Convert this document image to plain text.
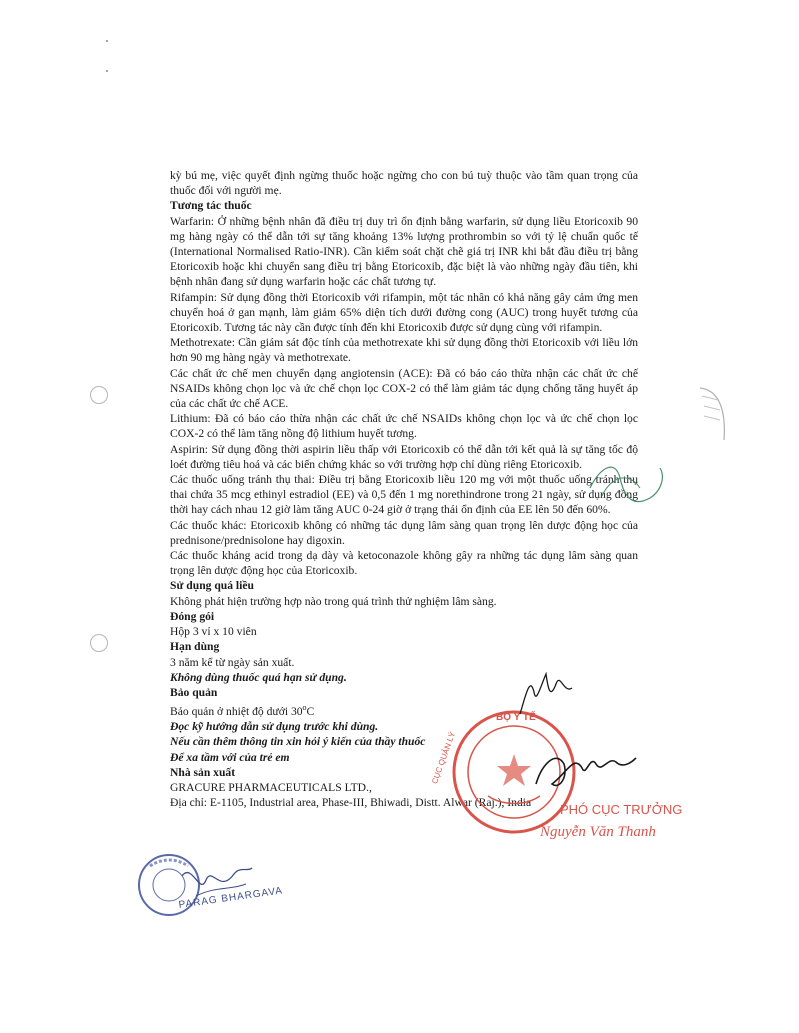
kỳ bú mẹ, việc quyết định ngừng thuốc hoặc ngừng cho con bú tuỳ thuộc vào tầm quan trọng của thuốc đối với người mẹ.

Tương tác thuốc

Warfarin: Ở những bệnh nhân đã điều trị duy trì ổn định bằng warfarin, sử dụng liều Etoricoxib 90 mg hàng ngày có thể dẫn tới sự tăng khoảng 13% lượng prothrombin so với tỷ lệ chuẩn quốc tế (International Normalised Ratio-INR). Cần kiểm soát chặt chẽ giá trị INR khi bắt đầu điều trị bằng Etoricoxib hoặc khi chuyển sang điều trị bằng Etoricoxib, đặc biệt là vào những ngày đầu tiên, khi bệnh nhân đang sử dụng warfarin hoặc các chất tương tự.

Rifampin: Sử dụng đồng thời Etoricoxib với rifampin, một tác nhân có khả năng gây cảm ứng men chuyển hoá ở gan mạnh, làm giảm 65% diện tích dưới đường cong (AUC) trong huyết tương của Etoricoxib. Tương tác này cần được tính đến khi Etoricoxib được sử dụng cùng với rifampin.

Methotrexate: Cần giám sát độc tính của methotrexate khi sử dụng đồng thời Etoricoxib với liều lớn hơn 90 mg hàng ngày và methotrexate.

Các chất ức chế men chuyển dạng angiotensin (ACE): Đã có báo cáo thừa nhận các chất ức chế NSAIDs không chọn lọc và ức chế chọn lọc COX-2 có thể làm giảm tác dụng chống tăng huyết áp của các chất ức chế ACE.

Lithium: Đã có báo cáo thừa nhận các chất ức chế NSAIDs không chọn lọc và ức chế chọn lọc COX-2 có thể làm tăng nồng độ lithium huyết tương.

Aspirin: Sử dụng đồng thời aspirin liều thấp với Etoricoxib có thể dẫn tới kết quả là sự tăng tốc độ loét đường tiêu hoá và các biến chứng khác so với trường hợp chỉ dùng riêng Etoricoxib.

Các thuốc uống tránh thụ thai: Điều trị bằng Etoricoxib liều 120 mg với một thuốc uống tránh thụ thai chứa 35 mcg ethinyl estradiol (EE) và 0,5 đến 1 mg norethindrone trong 21 ngày, sử dụng đồng thời hay cách nhau 12 giờ làm tăng AUC 0-24 giờ ở trạng thái ổn định của EE lên 50 đến 60%.

Các thuốc khác: Etoricoxib không có những tác dụng lâm sàng quan trọng lên dược động học của prednisone/prednisolone hay digoxin.

Các thuốc kháng acid trong dạ dày và ketoconazole không gây ra những tác dụng lâm sàng quan trọng lên dược động học của Etoricoxib.

Sử dụng quá liều

Không phát hiện trường hợp nào trong quá trình thử nghiệm lâm sàng.

Đóng gói

Hộp 3 vỉ x 10 viên

Hạn dùng

3 năm kể từ ngày sản xuất.

Không dùng thuốc quá hạn sử dụng.

Bảo quản

Bảo quản ở nhiệt độ dưới 30$^o$C

Đọc kỹ hướng dẫn sử dụng trước khi dùng.

Nếu cần thêm thông tin xin hỏi ý kiến của thầy thuốc

Để xa tầm với của trẻ em

Nhà sản xuất

GRACURE PHARMACEUTICALS LTD.,

Địa chỉ: E-1105, Industrial area, Phase-III, Bhiwadi, Distt. Alwar (Raj.), India

BỘ Y TẾ
CỤC QUẢN LÝ
PHÓ CỤC TRƯỞNG
Nguyễn Văn Thanh
PARAG BHARGAVA
